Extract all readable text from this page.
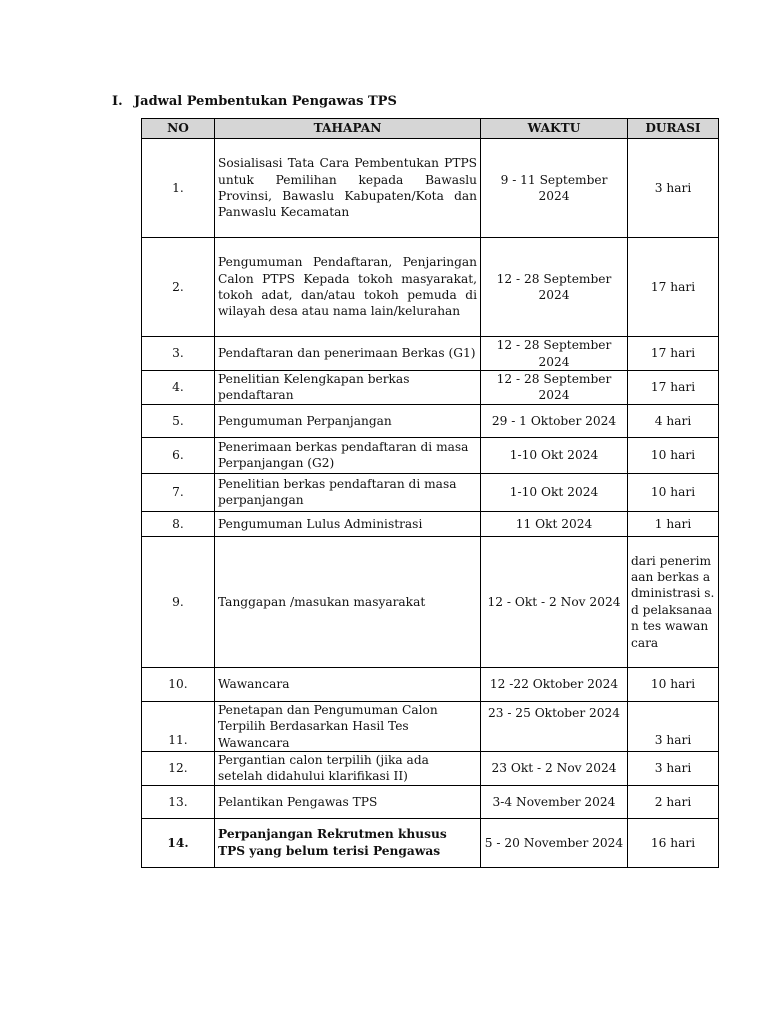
I. Jadwal Pembentukan Pengawas TPS
NO	TAHAPAN	WAKTU	DURASI
1.	Sosialisasi Tata Cara Pembentukan PTPS untuk Pemilihan kepada Bawaslu Provinsi, Bawaslu Kabupaten/Kota dan Panwaslu Kecamatan	9 - 11 September 2024	3 hari
2.	Pengumuman Pendaftaran, Penjaringan Calon PTPS Kepada tokoh masyarakat, tokoh adat, dan/atau tokoh pemuda di wilayah desa atau nama lain/kelurahan	12 - 28 September 2024	17 hari
3.	Pendaftaran dan penerimaan Berkas (G1)	12 - 28 September 2024	17 hari
4.	Penelitian Kelengkapan berkas pendaftaran	12 - 28 September 2024	17 hari
5.	Pengumuman Perpanjangan	29 - 1 Oktober 2024	4 hari
6.	Penerimaan berkas pendaftaran di masa Perpanjangan (G2)	1-10 Okt 2024	10 hari
7.	Penelitian berkas pendaftaran di masa perpanjangan	1-10 Okt 2024	10 hari
8.	Pengumuman Lulus Administrasi	11 Okt 2024	1 hari
9.	Tanggapan /masukan masyarakat	12 - Okt - 2 Nov 2024	dari penerimaan berkas administrasi s.d pelaksanaan tes wawancara
10.	Wawancara	12 -22 Oktober 2024	10 hari
11.	Penetapan dan Pengumuman Calon Terpilih Berdasarkan Hasil Tes Wawancara	23 - 25 Oktober 2024	3 hari
12.	Pergantian calon terpilih (jika ada setelah didahului klarifikasi II)	23 Okt - 2 Nov 2024	3 hari
13.	Pelantikan Pengawas TPS	3-4 November 2024	2 hari
14.	Perpanjangan Rekrutmen khusus TPS yang belum terisi Pengawas	5 - 20 November 2024	16 hari
